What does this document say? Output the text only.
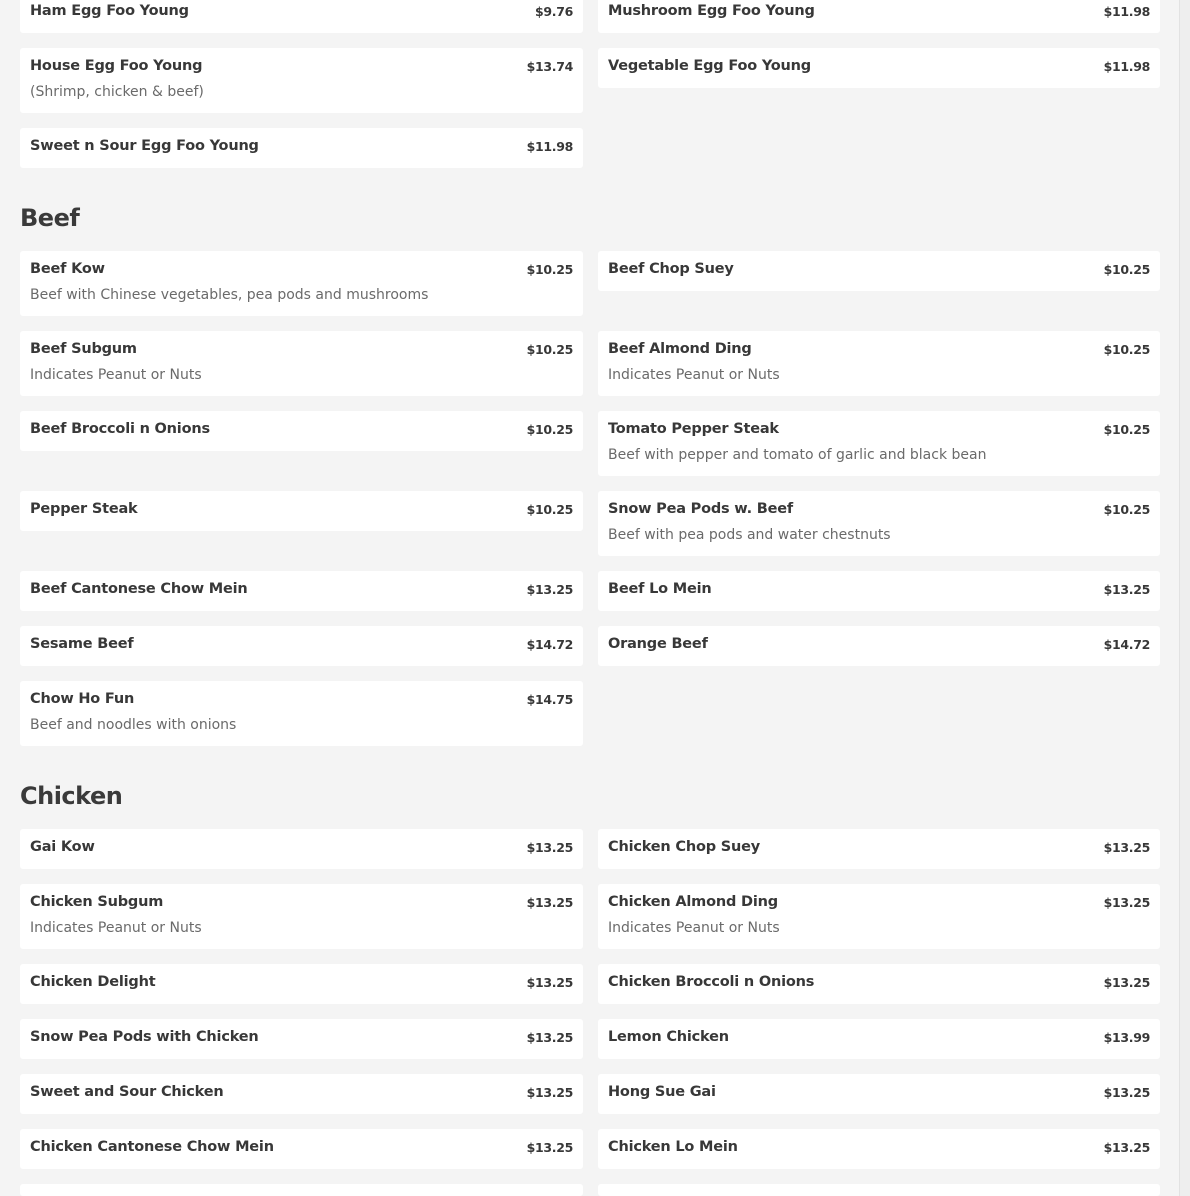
Ham Egg Foo Young	$9.76 Mushroom Egg Foo Young	$11.98
House Egg Foo Young	$13.74
(Shrimp, chicken & beef)
Vegetable Egg Foo Young	$11.98
Sweet n Sour Egg Foo Young	$11.98
Beef
Beef Kow	$10.25
Beef with Chinese vegetables, pea pods and mushrooms
Beef Chop Suey	$10.25
Beef Subgum	$10.25
Indicates Peanut or Nuts
Beef Almond Ding	$10.25
Indicates Peanut or Nuts
Beef Broccoli n Onions	$10.25 Tomato Pepper Steak	$10.25
Beef with pepper and tomato of garlic and black bean
Pepper Steak	$10.25 Snow Pea Pods w. Beef	$10.25
Beef with pea pods and water chestnuts
Beef Cantonese Chow Mein	$13.25 Beef Lo Mein	$13.25
Sesame Beef	$14.72 Orange Beef	$14.72
Chow Ho Fun	$14.75
Beef and noodles with onions
Chicken
Gai Kow	$13.25 Chicken Chop Suey	$13.25
Chicken Subgum	$13.25
Indicates Peanut or Nuts
Chicken Almond Ding	$13.25
Indicates Peanut or Nuts
Chicken Delight	$13.25 Chicken Broccoli n Onions	$13.25
Snow Pea Pods with Chicken	$13.25 Lemon Chicken	$13.99
Sweet and Sour Chicken	$13.25 Hong Sue Gai	$13.25
Chicken Cantonese Chow Mein	$13.25 Chicken Lo Mein	$13.25
